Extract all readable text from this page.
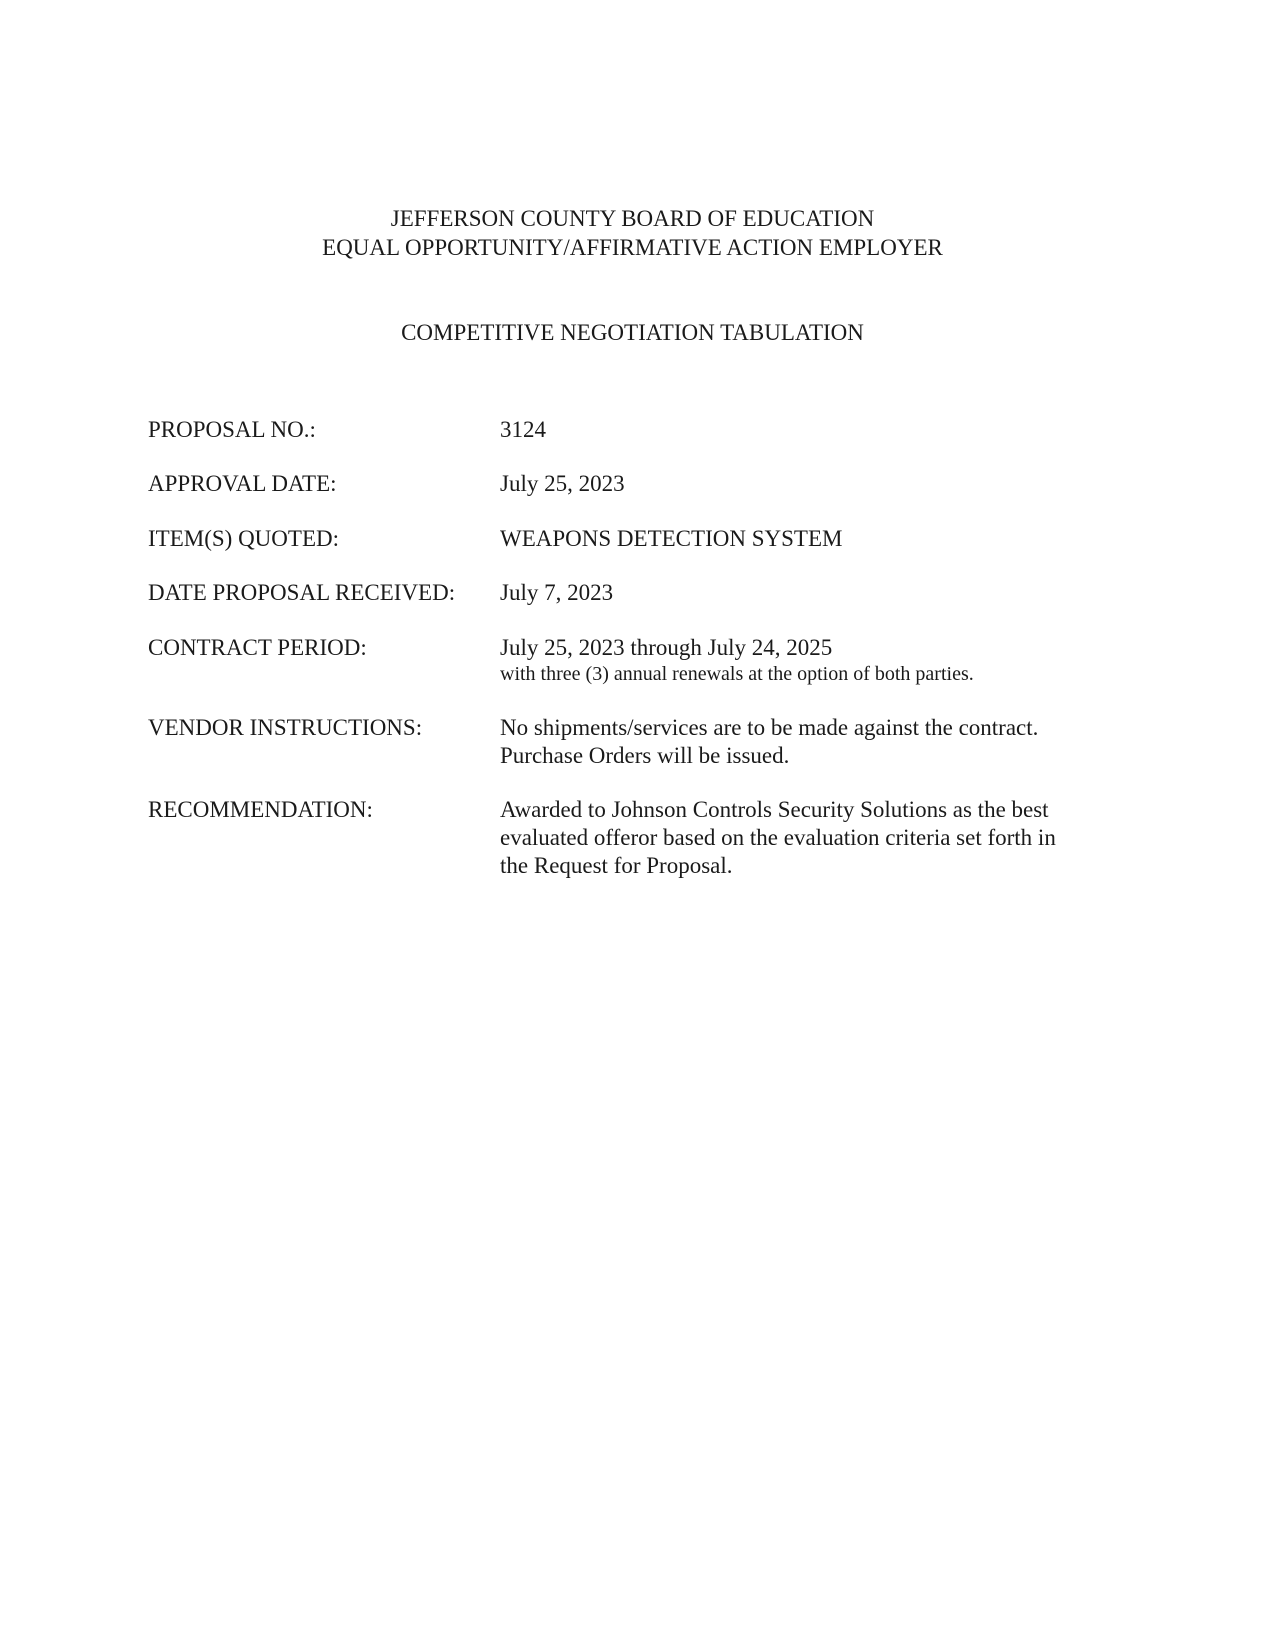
JEFFERSON COUNTY BOARD OF EDUCATION
EQUAL OPPORTUNITY/AFFIRMATIVE ACTION EMPLOYER
COMPETITIVE NEGOTIATION TABULATION
PROPOSAL NO.:	3124
APPROVAL DATE:	July 25, 2023
ITEM(S) QUOTED:	WEAPONS DETECTION SYSTEM
DATE PROPOSAL RECEIVED: July 7, 2023
CONTRACT PERIOD:	July 25, 2023 through July 24, 2025
with three (3) annual renewals at the option of both parties.
VENDOR INSTRUCTIONS:	No shipments/services are to be made against the contract.
Purchase Orders will be issued.
RECOMMENDATION:	Awarded to Johnson Controls Security Solutions as the best
evaluated offeror based on the evaluation criteria set forth in
the Request for Proposal.
